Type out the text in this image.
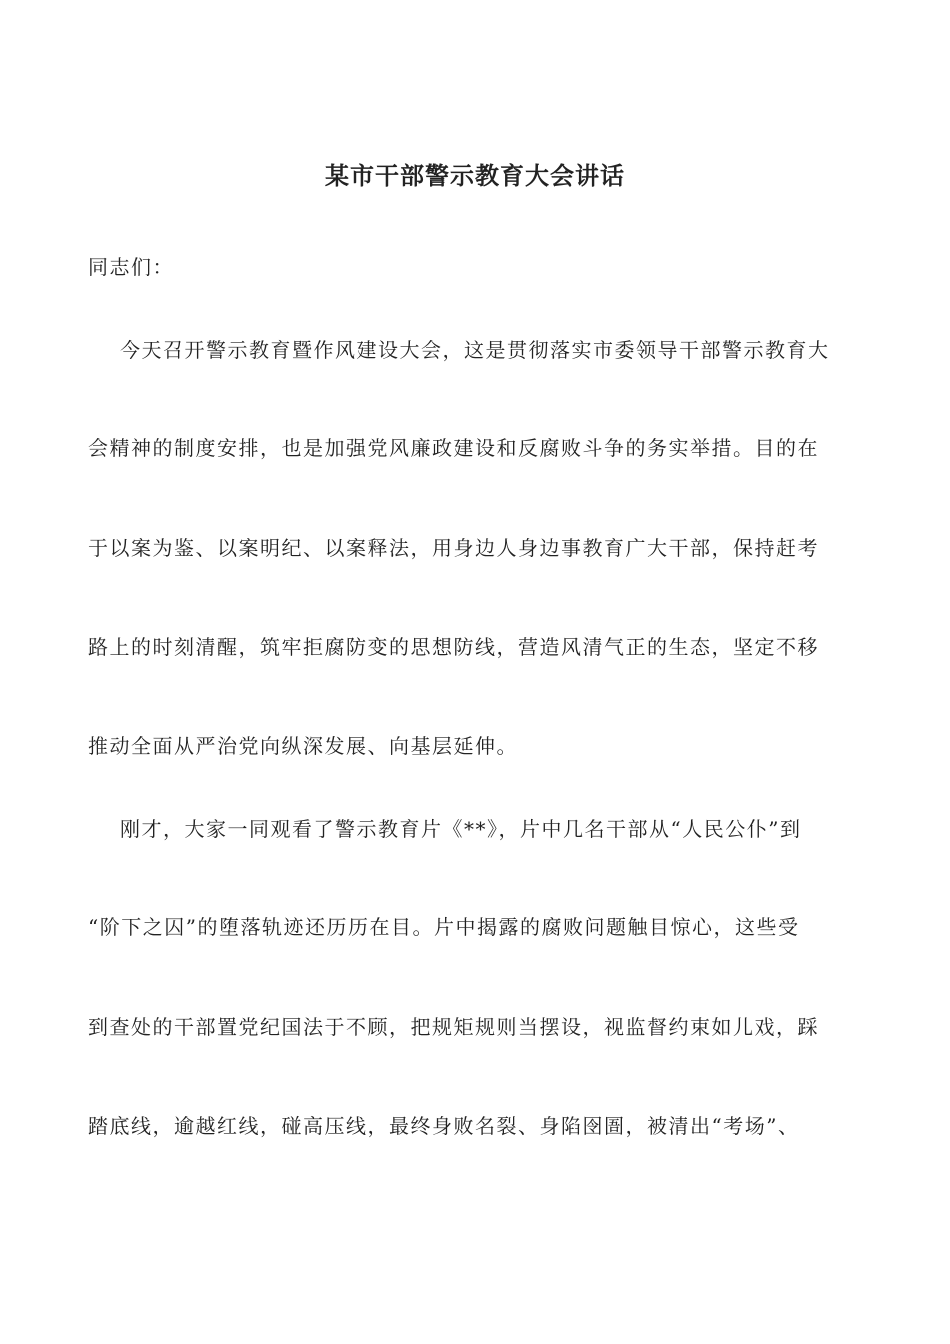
某市干部警示教育大会讲话
同志们：
今天召开警示教育暨作风建设大会，这是贯彻落实市委领导干部警示教育大
会精神的制度安排，也是加强党风廉政建设和反腐败斗争的务实举措。目的在
于以案为鉴、以案明纪、以案释法，用身边人身边事教育广大干部，保持赶考
路上的时刻清醒，筑牢拒腐防变的思想防线，营造风清气正的生态，坚定不移
推动全面从严治党向纵深发展、向基层延伸。
刚才，大家一同观看了警示教育片《**》，片中几名干部从“人民公仆”到
“阶下之囚”的堕落轨迹还历历在目。片中揭露的腐败问题触目惊心，这些受
到查处的干部置党纪国法于不顾，把规矩规则当摆设，视监督约束如儿戏，踩
踏底线，逾越红线，碰高压线，最终身败名裂、身陷囹圄，被清出“考场”、
